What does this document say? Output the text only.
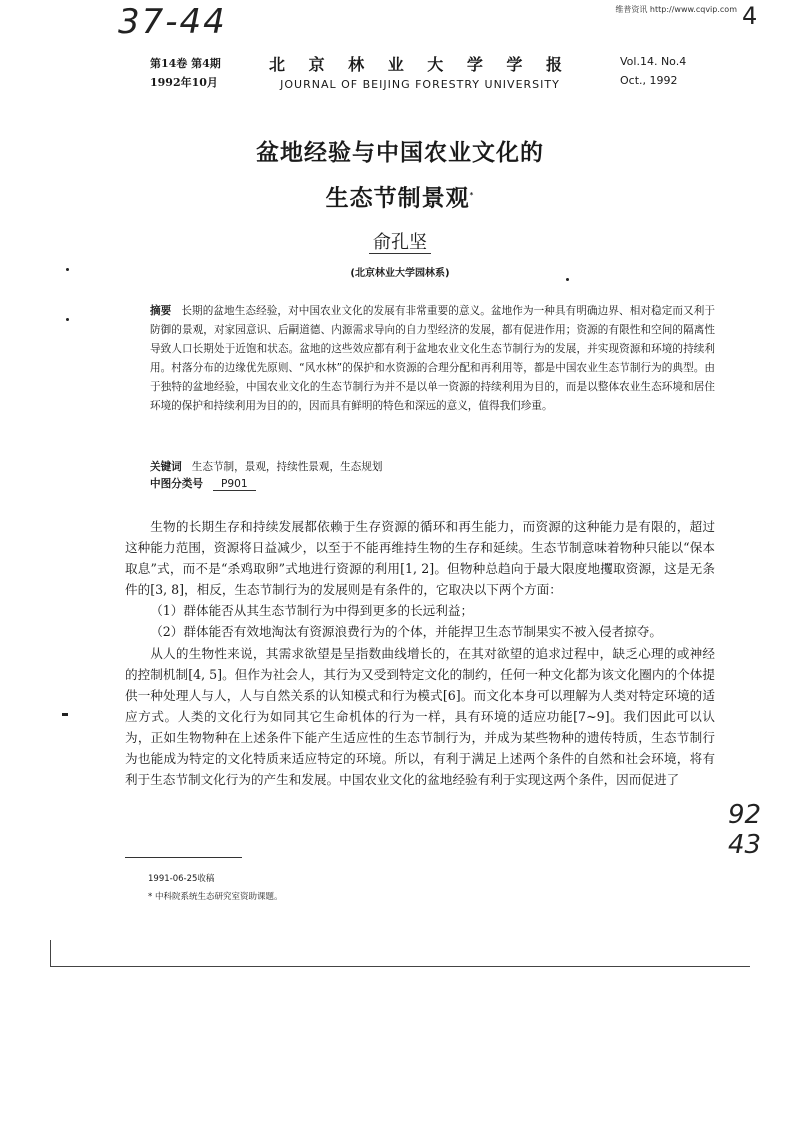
37-44	4
92 43
维普资讯 http://www.cqvip.com
第14卷 第4期
1992年10月
北 京 林 业 大 学 学 报
JOURNAL OF BEIJING FORESTRY UNIVERSITY
Vol.14. No.4
Oct., 1992
盆地经验与中国农业文化的
生态节制景观*
俞孔坚
(北京林业大学园林系)
摘要 长期的盆地生态经验，对中国农业文化的发展有非常重要的意义。盆地作为一种具有明确边界、相对稳定而又利于防御的景观，对家园意识、后嗣道德、内源需求导向的自力型经济的发展，都有促进作用；资源的有限性和空间的隔离性导致人口长期处于近饱和状态。盆地的这些效应都有利于盆地农业文化生态节制行为的发展，并实现资源和环境的持续利用。村落分布的边缘优先原则、“风水林”的保护和水资源的合理分配和再利用等，都是中国农业生态节制行为的典型。由于独特的盆地经验，中国农业文化的生态节制行为并不是以单一资源的持续利用为目的，而是以整体农业生态环境和居住环境的保护和持续利用为目的的，因而具有鲜明的特色和深远的意义，值得我们珍重。
关键词 生态节制，景观，持续性景观，生态规划
中图分类号 P901

生物的长期生存和持续发展都依赖于生存资源的循环和再生能力，而资源的这种能力是有限的，超过这种能力范围，资源将日益减少，以至于不能再维持生物的生存和延续。生态节制意味着物种只能以“保本取息”式，而不是“杀鸡取卵”式地进行资源的利用[1, 2]。但物种总趋向于最大限度地攫取资源，这是无条件的[3, 8]，相反，生态节制行为的发展则是有条件的，它取决以下两个方面：

（1）群体能否从其生态节制行为中得到更多的长远利益；

（2）群体能否有效地淘汰有资源浪费行为的个体，并能捍卫生态节制果实不被入侵者掠夺。

从人的生物性来说，其需求欲望是呈指数曲线增长的，在其对欲望的追求过程中，缺乏心理的或神经的控制机制[4, 5]。但作为社会人，其行为又受到特定文化的制约，任何一种文化都为该文化圈内的个体提供一种处理人与人，人与自然关系的认知模式和行为模式[6]。而文化本身可以理解为人类对特定环境的适应方式。人类的文化行为如同其它生命机体的行为一样，具有环境的适应功能[7~9]。我们因此可以认为，正如生物物种在上述条件下能产生适应性的生态节制行为，并成为某些物种的遗传特质，生态节制行为也能成为特定的文化特质来适应特定的环境。所以，有利于满足上述两个条件的自然和社会环境，将有利于生态节制文化行为的产生和发展。中国农业文化的盆地经验有利于实现这两个条件，因而促进了

1991-06-25收稿
* 中科院系统生态研究室资助课题。
